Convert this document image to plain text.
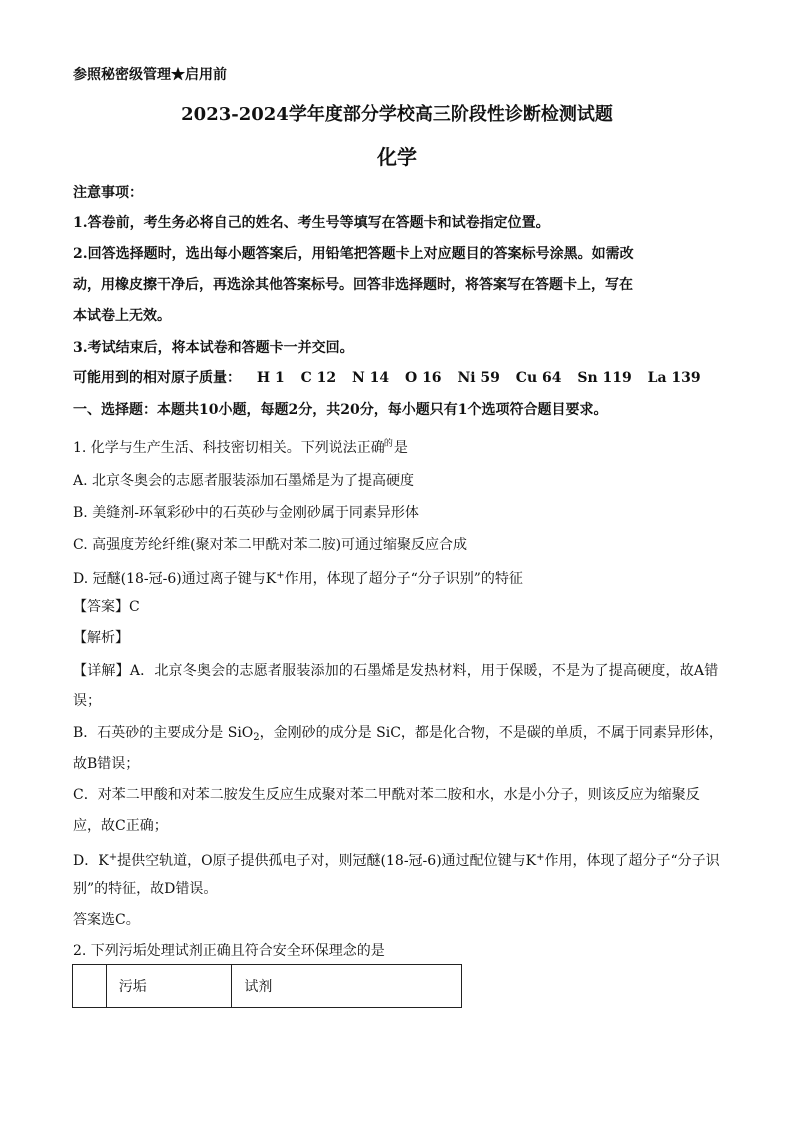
参照秘密级管理★启用前
2023-2024学年度部分学校高三阶段性诊断检测试题
化学
注意事项：
1.答卷前，考生务必将自己的姓名、考生号等填写在答题卡和试卷指定位置。
2.回答选择题时，选出每小题答案后，用铅笔把答题卡上对应题目的答案标号涂黑。如需改
动，用橡皮擦干净后，再选涂其他答案标号。回答非选择题时，将答案写在答题卡上，写在
本试卷上无效。
3.考试结束后，将本试卷和答题卡一并交回。
可能用到的相对原子质量： H 1 C 12 N 14 O 16 Ni 59 Cu 64 Sn 119 La 139
一、选择题：本题共10小题，每题2分，共20分，每小题只有1个选项符合题目要求。
1. 化学与生产生活、科技密切相关。下列说法正确的是
A. 北京冬奥会的志愿者服装添加石墨烯是为了提高硬度
B. 美缝剂-环氧彩砂中的石英砂与金刚砂属于同素异形体
C. 高强度芳纶纤维(聚对苯二甲酰对苯二胺)可通过缩聚反应合成
D. 冠醚(18-冠-6)通过离子键与K+作用，体现了超分子“分子识别”的特征
【答案】C
【解析】
【详解】A．北京冬奥会的志愿者服装添加的石墨烯是发热材料，用于保暖，不是为了提高硬度，故A错
误；
B．石英砂的主要成分是 SiO$_2$，金刚砂的成分是 SiC，都是化合物，不是碳的单质，不属于同素异形体，
故B错误；
C．对苯二甲酸和对苯二胺发生反应生成聚对苯二甲酰对苯二胺和水，水是小分子，则该反应为缩聚反
应，故C正确；
D．K+提供空轨道，O原子提供孤电子对，则冠醚(18-冠-6)通过配位键与K+作用，体现了超分子“分子识
别”的特征，故D错误。
答案选C。
2. 下列污垢处理试剂正确且符合安全环保理念的是
	污垢	试剂
